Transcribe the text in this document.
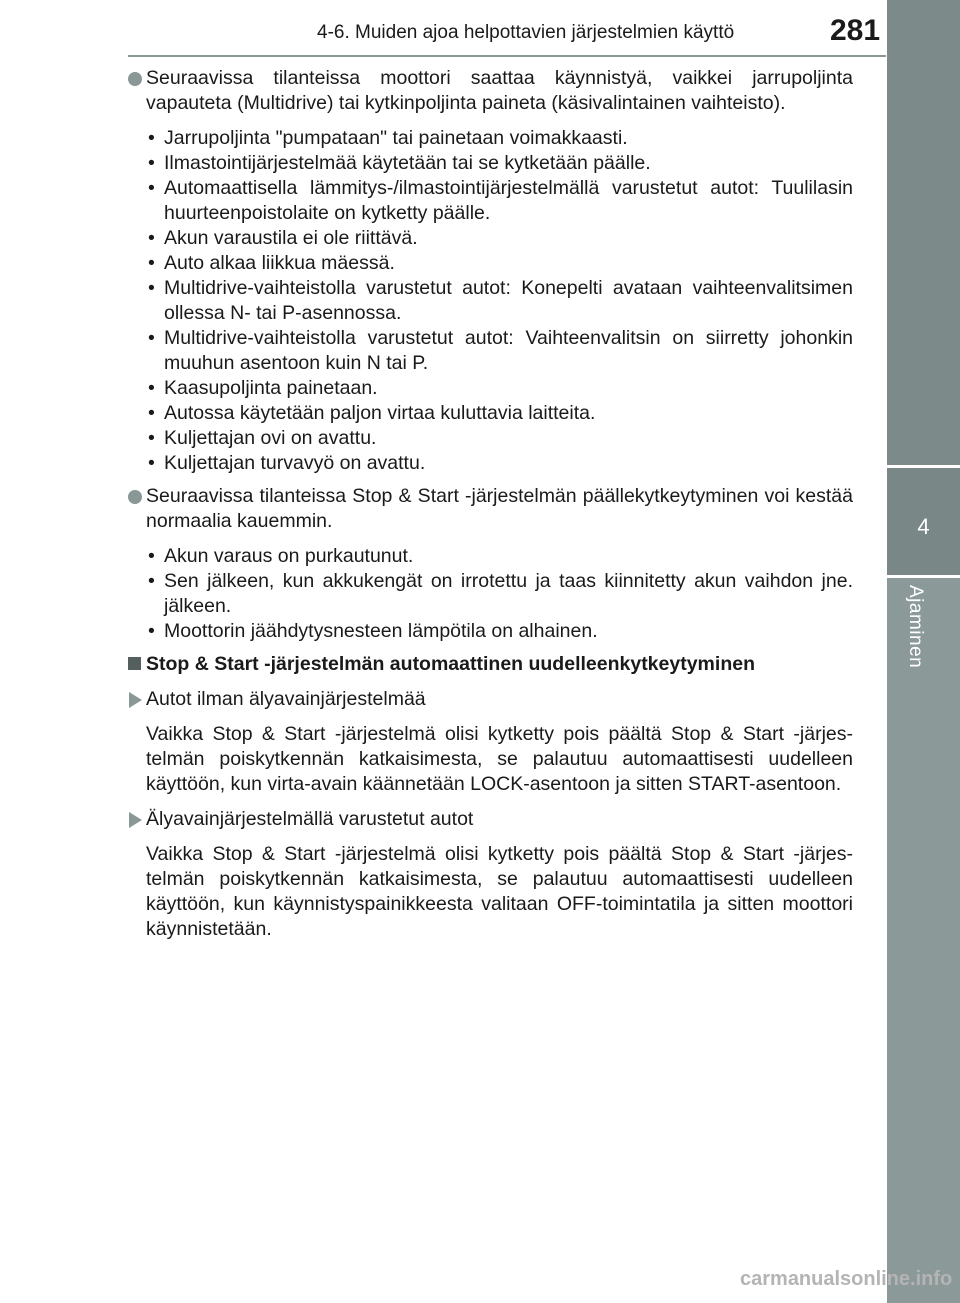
4-6. Muiden ajoa helpottavien järjestelmien käyttö	281
4
Ajaminen

Seuraavissa tilanteissa moottori saattaa käynnistyä, vaikkei jarrupoljinta vapauteta (Multidrive) tai kytkinpoljinta paineta (käsivalintainen vaihteisto).

• Jarrupoljinta "pumpataan" tai painetaan voimakkaasti.
• Ilmastointijärjestelmää käytetään tai se kytketään päälle.
• Automaattisella lämmitys-/ilmastointijärjestelmällä varustetut autot: Tuulilasin huurteenpoistolaite on kytketty päälle.
• Akun varaustila ei ole riittävä.
• Auto alkaa liikkua mäessä.
• Multidrive-vaihteistolla varustetut autot: Konepelti avataan vaihteenvalitsimen ollessa N- tai P-asennossa.
• Multidrive-vaihteistolla varustetut autot: Vaihteenvalitsin on siirretty johonkin muuhun asentoon kuin N tai P.
• Kaasupoljinta painetaan.
• Autossa käytetään paljon virtaa kuluttavia laitteita.
• Kuljettajan ovi on avattu.
• Kuljettajan turvavyö on avattu.

Seuraavissa tilanteissa Stop & Start -järjestelmän päällekytkeytyminen voi kestää normaalia kauemmin.

• Akun varaus on purkautunut.
• Sen jälkeen, kun akkukengät on irrotettu ja taas kiinnitetty akun vaihdon jne. jälkeen.
• Moottorin jäähdytysnesteen lämpötila on alhainen.
Stop & Start -järjestelmän automaattinen uudelleenkytkeytyminen
Autot ilman älyavainjärjestelmää

Vaikka Stop & Start -järjestelmä olisi kytketty pois päältä Stop & Start -järjestelmän poiskytkennän katkaisimesta, se palautuu automaattisesti uudelleen käyttöön, kun virta-avain käännetään LOCK-asentoon ja sitten START-asentoon.

Älyavainjärjestelmällä varustetut autot

Vaikka Stop & Start -järjestelmä olisi kytketty pois päältä Stop & Start -järjestelmän poiskytkennän katkaisimesta, se palautuu automaattisesti uudelleen käyttöön, kun käynnistyspainikkeesta valitaan OFF-toimintatila ja sitten moottori käynnistetään.

carmanualsonline.info
